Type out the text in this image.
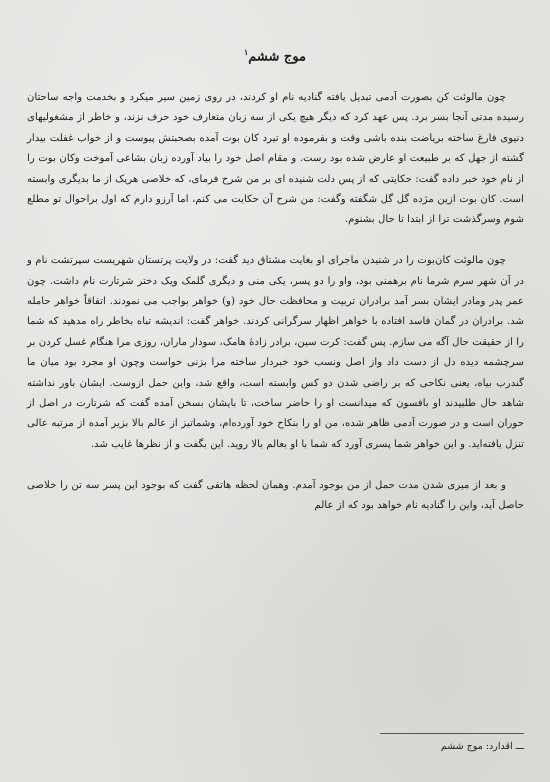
موج ششم$^۱$

چون مالوئت کن بصورت آدمی تبدیل یافته گنادیه نام او کردند، در روی زمین سیر میکرد و بخدمت واجه ساحتان رسیده مدتی آنجا بسر برد. پس عهد کرد که دیگر هیچ یکی از سه زبان متعارف خود حرف نزند، و خاطر از مشغولیهای دنیوی فارغ ساخته بریاضت بنده باشی وقت و بفرموده او تیرد کان بوت آمده بصحبتش پیوست و از خواب غفلت بیدار گشته از جهل که بر طبیعت او عارض شده بود رست. و مقام اصل خود را بیاد آورده زبان بشاعی آموخت وکان بوت را از نام خود خبر داده گفت: حکایتی که از پس دلت شنیده ای بر من شرح فرمای، که خلاصی هریک از ما بدیگری وابسته است. کان بوت ازین مژده گل گل شگفته وگفت: من شرح آن حکایت می کنم، اما آرزو دارم که اول براحوال تو مطلع شوم وسرگذشت ترا از ابتدا تا حال بشنوم.

چون مالوئت کان‌بوت را در شنیدن ماجرای او بغایت مشتاق دید گفت: در ولایت پرتستان شهریست سپرتشت نام و در آن شهر سرم شرما نام برهمنی بود، واو را دو پسر، یکی منی و دیگری گلمک ویک دختر شرتارت نام داشت. چون عمر پدر ومادر ایشان بسر آمد برادران تربیت و محافظت حال خود (و) خواهر بواجب می نمودند. اتفاقاً خواهر حامله شد. برادران در گمان فاسد افتاده با خواهر اظهار سرگرانی کردند. خواهر گفت: اندیشه تباه بخاطر راه مدهید که شما را از حقیقت حال آگه می سازم. پس گفت: کرت سین، برادر زادهٔ هامک، سودار ماران، روزی مرا هنگام غسل کردن بر سرچشمه دیده دل از دست داد واز اصل ونسب خود خبردار ساخته مرا بزنی خواست وچون او مجرد بود میان ما گندرب بیاه، یعنی نکاحی که بر راضی شدن دو کس وابسته است، واقع شد، واین حمل ازوست. ایشان باور نداشته شاهد حال طلبیدند او بافسون که میدانست او را حاضر ساخت، تا بایشان بسخن آمده گفت که شرتارت در اصل از حوران است و در صورت آدمی ظاهر شده، من او را بنکاح خود آورده‌ام، وشماتیز از عالم بالا بزیر آمده از مرتبه عالی تنزل یافته‌اید. و این خواهر شما پسری آورد که شما با او بعالم بالا روید. این بگفت و از نظرها غایب شد.

و بعد از میری شدن مدت حمل از من بوجود آمدم. وهمان لحظه هاتفی گفت که بوجود این پسر سه تن را خلاصی حاصل آید، واین را گنادیه نام خواهد بود که از عالم

ـــ اقدارد: موج ششم
